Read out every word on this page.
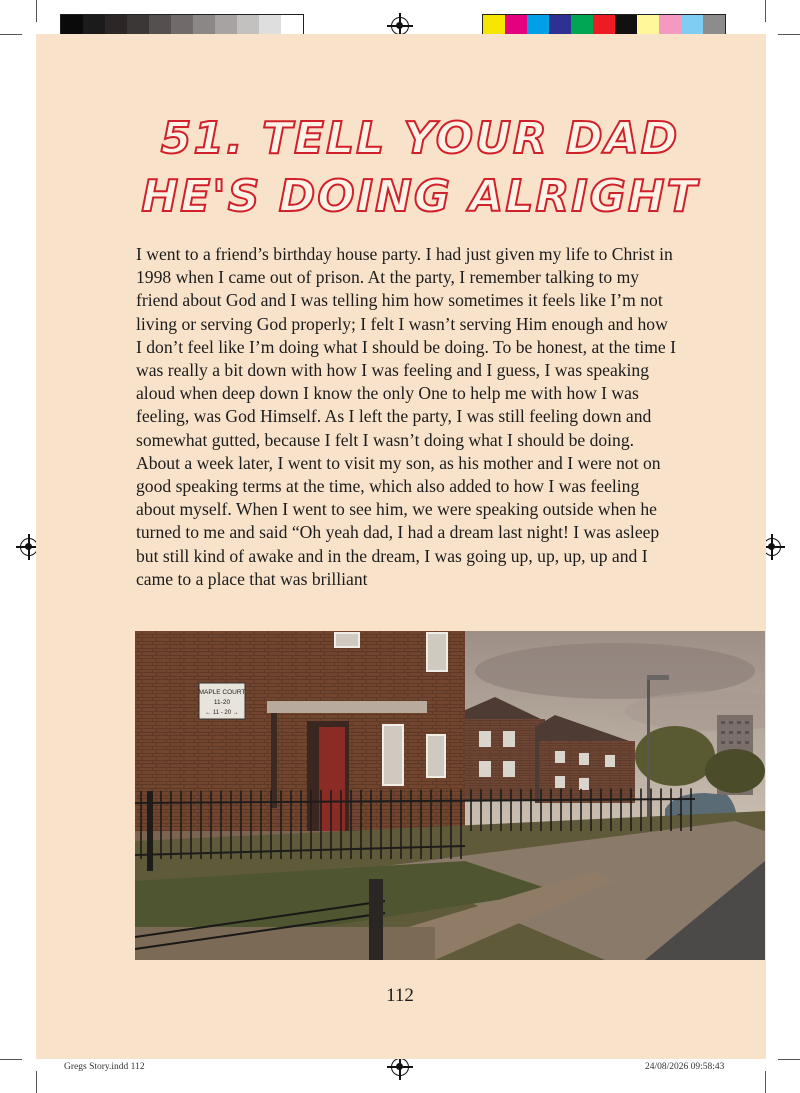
51. TELL YOUR DAD
HE'S DOING ALRIGHT

I went to a friend’s birthday house party. I had just given my life to Christ in 1998 when I came out of prison. At the party, I remember talking to my friend about God and I was telling him how sometimes it feels like I’m not living or serving God properly; I felt I wasn’t serving Him enough and how I don’t feel like I’m doing what I should be doing. To be honest, at the time I was really a bit down with how I was feeling and I guess, I was speaking aloud when deep down I know the only One to help me with how I was feeling, was God Himself. As I left the party, I was still feeling down and somewhat gutted, because I felt I wasn’t doing what I should be doing. About a week later, I went to visit my son, as his mother and I were not on good speaking terms at the time, which also added to how I was feeling about myself. When I went to see him, we were speaking outside when he turned to me and said “Oh yeah dad, I had a dream last night! I was asleep but still kind of awake and in the dream, I was going up, up, up, up and I came to a place that was brilliant

MAPLE COURT
11-20
← 11 - 20 →
112
Gregs Story.indd 112	24/08/2026 09:58:43
